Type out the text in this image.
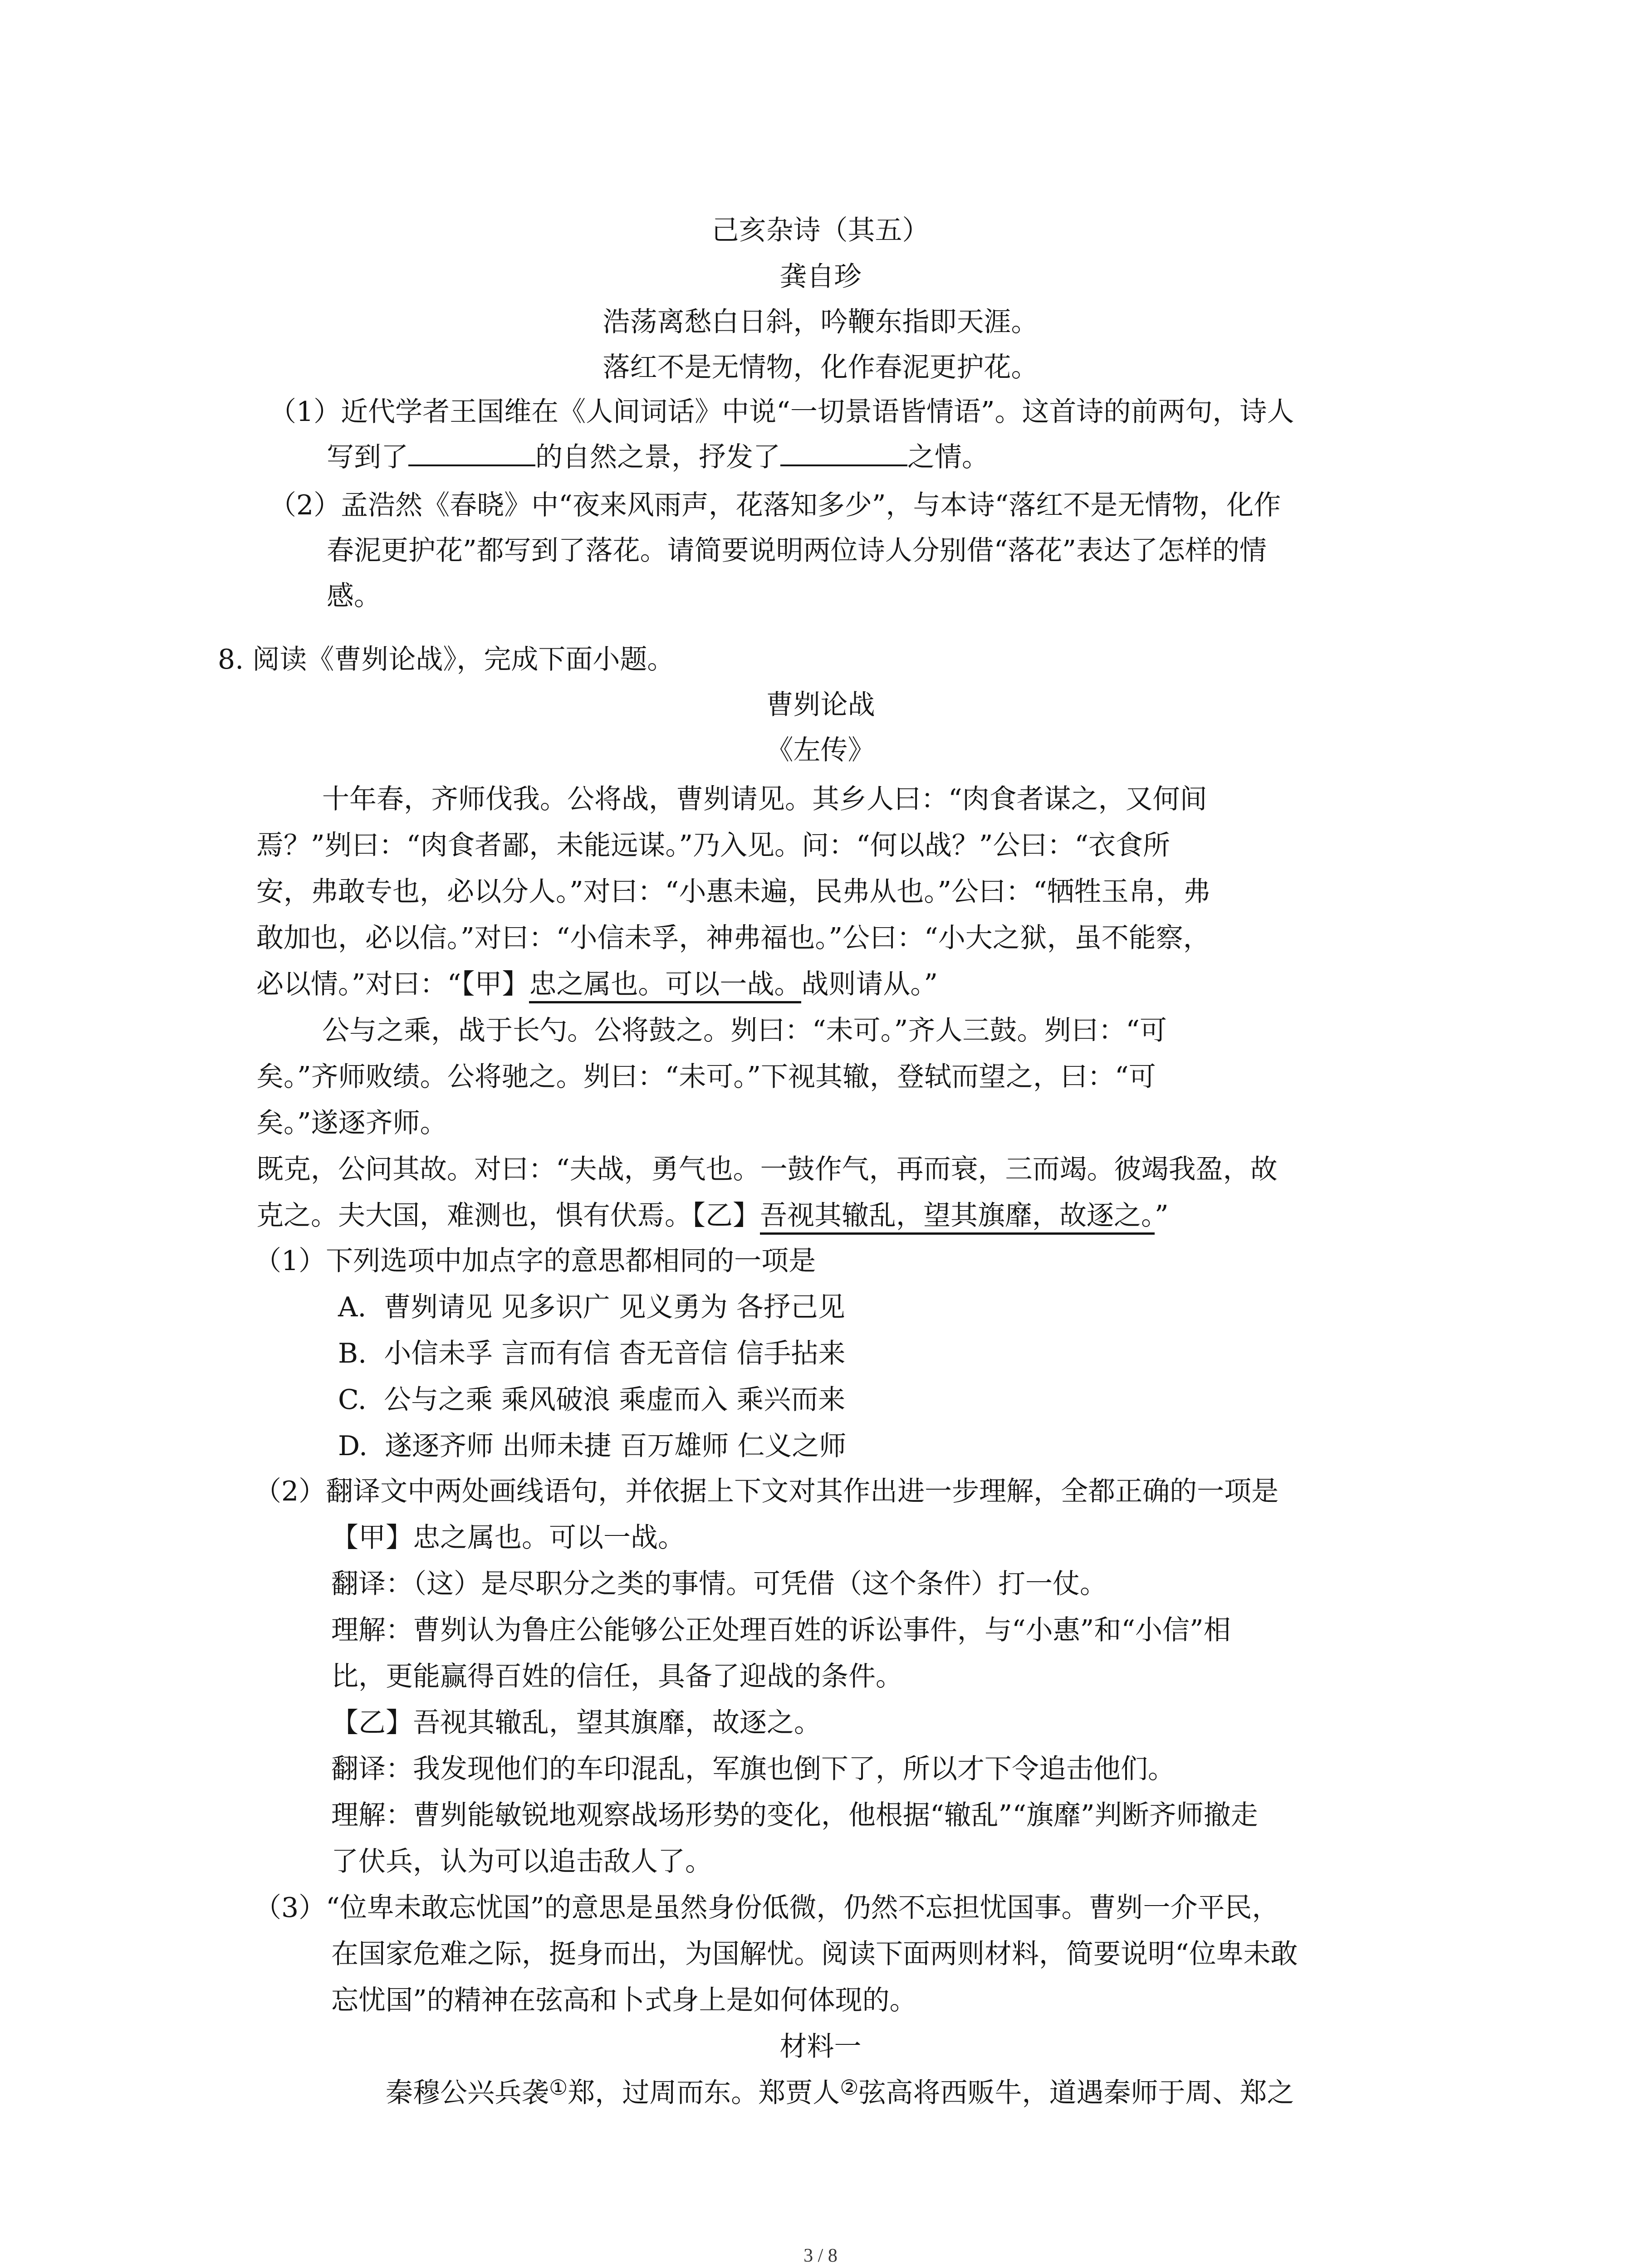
己亥杂诗（其五）
龚自珍
浩荡离愁白日斜，吟鞭东指即天涯。
落红不是无情物，化作春泥更护花。
（1）近代学者王国维在《人间词话》中说“一切景语皆情语”。这首诗的前两句，诗人
写到了	的自然之景，抒发了	之情。
（2）孟浩然《春晓》中“夜来风雨声，花落知多少”，与本诗“落红不是无情物，化作
春泥更护花”都写到了落花。请简要说明两位诗人分别借“落花”表达了怎样的情
感。
8. 阅读《曹刿论战》，完成下面小题。
曹刿论战
《左传》
十年春，齐师伐我。公将战，曹刿请见。其乡人曰：“肉食者谋之，又何间
焉？”刿曰：“肉食者鄙，未能远谋。”乃入见。问：“何以战？”公曰：“衣食所
安，弗敢专也，必以分人。”对曰：“小惠未遍，民弗从也。”公曰：“牺牲玉帛，弗
敢加也，必以信。”对曰：“小信未孚，神弗福也。”公曰：“小大之狱，虽不能察，
必以情。”对曰：“【甲】忠之属也。可以一战。战则请从。”
公与之乘，战于长勺。公将鼓之。刿曰：“未可。”齐人三鼓。刿曰：“可
矣。”齐师败绩。公将驰之。刿曰：“未可。”下视其辙，登轼而望之，曰：“可
矣。”遂逐齐师。
既克，公问其故。对曰：“夫战，勇气也。一鼓作气，再而衰，三而竭。彼竭我盈，故
克之。夫大国，难测也，惧有伏焉。【乙】吾视其辙乱，望其旗靡，故逐之。”
（1）下列选项中加点字的意思都相同的一项是
A.  曹刿请见 见多识广 见义勇为 各抒己见
B.  小信未孚 言而有信 杳无音信 信手拈来
C.  公与之乘 乘风破浪 乘虚而入 乘兴而来
D.  遂逐齐师 出师未捷 百万雄师 仁义之师
（2）翻译文中两处画线语句，并依据上下文对其作出进一步理解，全都正确的一项是
【甲】忠之属也。可以一战。
翻译：（这）是尽职分之类的事情。可凭借（这个条件）打一仗。
理解：曹刿认为鲁庄公能够公正处理百姓的诉讼事件，与“小惠”和“小信”相
比，更能赢得百姓的信任，具备了迎战的条件。
【乙】吾视其辙乱，望其旗靡，故逐之。
翻译：我发现他们的车印混乱，军旗也倒下了，所以才下令追击他们。
理解：曹刿能敏锐地观察战场形势的变化，他根据“辙乱”“旗靡”判断齐师撤走
了伏兵，认为可以追击敌人了。
（3）“位卑未敢忘忧国”的意思是虽然身份低微，仍然不忘担忧国事。曹刿一介平民，
在国家危难之际，挺身而出，为国解忧。阅读下面两则材料，简要说明“位卑未敢
忘忧国”的精神在弦高和卜式身上是如何体现的。
材料一
秦穆公兴兵袭①郑，过周而东。郑贾人②弦高将西贩牛，道遇秦师于周、郑之
3 / 8
